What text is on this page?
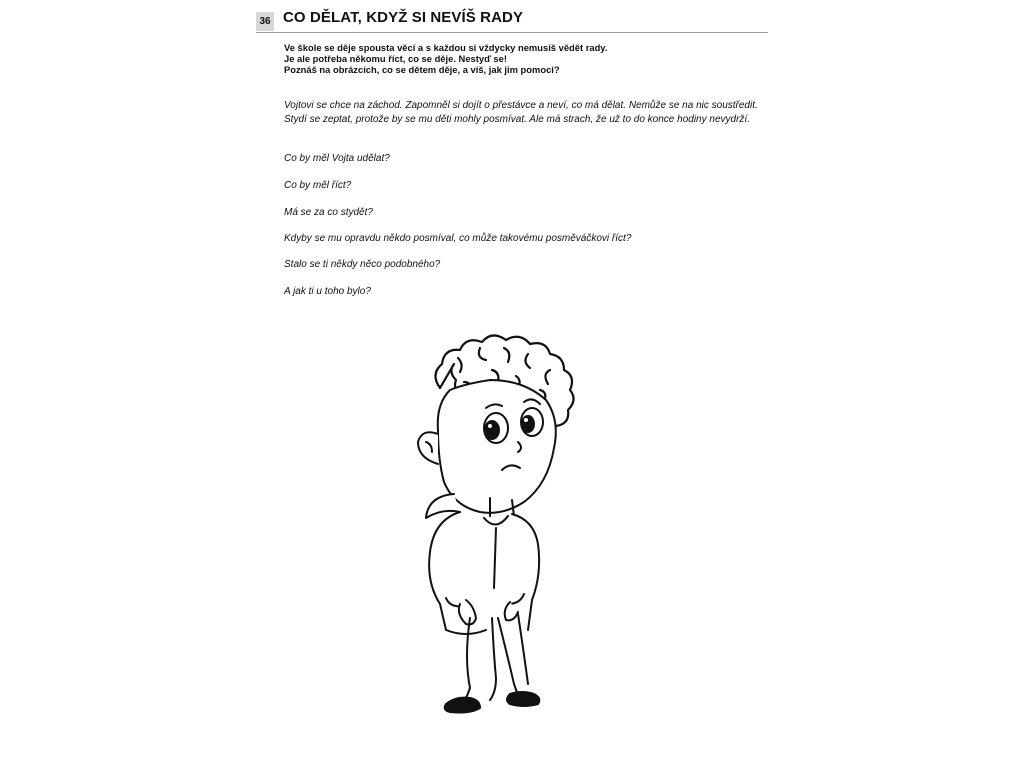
36 CO DĚLAT, KDYŽ SI NEVÍŠ RADY
Ve škole se děje spousta věcí a s každou si vždycky nemusíš vědět rady.
Je ale potřeba někomu říct, co se děje. Nestyď se!
Poznáš na obrázcích, co se dětem děje, a víš, jak jim pomoci?
Vojtovi se chce na záchod. Zapomněl si dojít o přestávce a neví, co má dělat. Nemůže se na nic soustředit. Stydí se zeptat, protože by se mu děti mohly posmívat. Ale má strach, že už to do konce hodiny nevydrží.
Co by měl Vojta udělat?
Co by měl říct?
Má se za co stydět?
Kdyby se mu opravdu někdo posmíval, co může takovému posměváčkovi říct?
Stalo se ti někdy něco podobného?
A jak ti u toho bylo?
